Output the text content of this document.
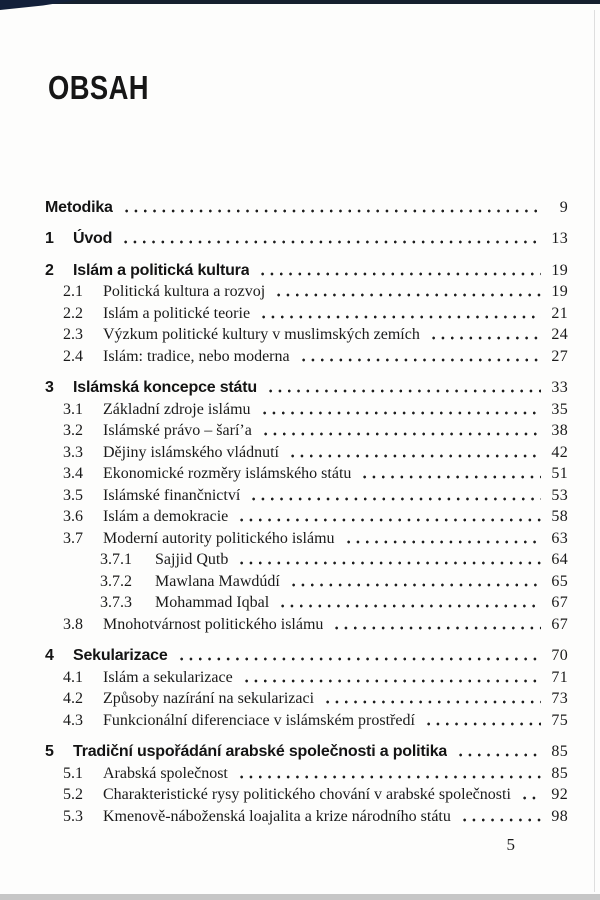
OBSAH
Metodika	9
1	Úvod	13
2	Islám a politická kultura	19
2.1	Politická kultura a rozvoj	19
2.2	Islám a politické teorie	21
2.3	Výzkum politické kultury v muslimských zemích	24
2.4	Islám: tradice, nebo moderna	27
3	Islámská koncepce státu	33
3.1	Základní zdroje islámu	35
3.2	Islámské právo – šarí’a	38
3.3	Dějiny islámského vládnutí	42
3.4	Ekonomické rozměry islámského státu	51
3.5	Islámské finančnictví	53
3.6	Islám a demokracie	58
3.7	Moderní autority politického islámu	63
3.7.1	Sajjid Qutb	64
3.7.2	Mawlana Mawdúdí	65
3.7.3	Mohammad Iqbal	67
3.8	Mnohotvárnost politického islámu	67
4	Sekularizace	70
4.1	Islám a sekularizace	71
4.2	Způsoby nazírání na sekularizaci	73
4.3	Funkcionální diferenciace v islámském prostředí	75
5	Tradiční uspořádání arabské společnosti a politika	85
5.1	Arabská společnost	85
5.2	Charakteristické rysy politického chování v arabské společnosti	92
5.3	Kmenově-náboženská loajalita a krize národního státu	98
5
